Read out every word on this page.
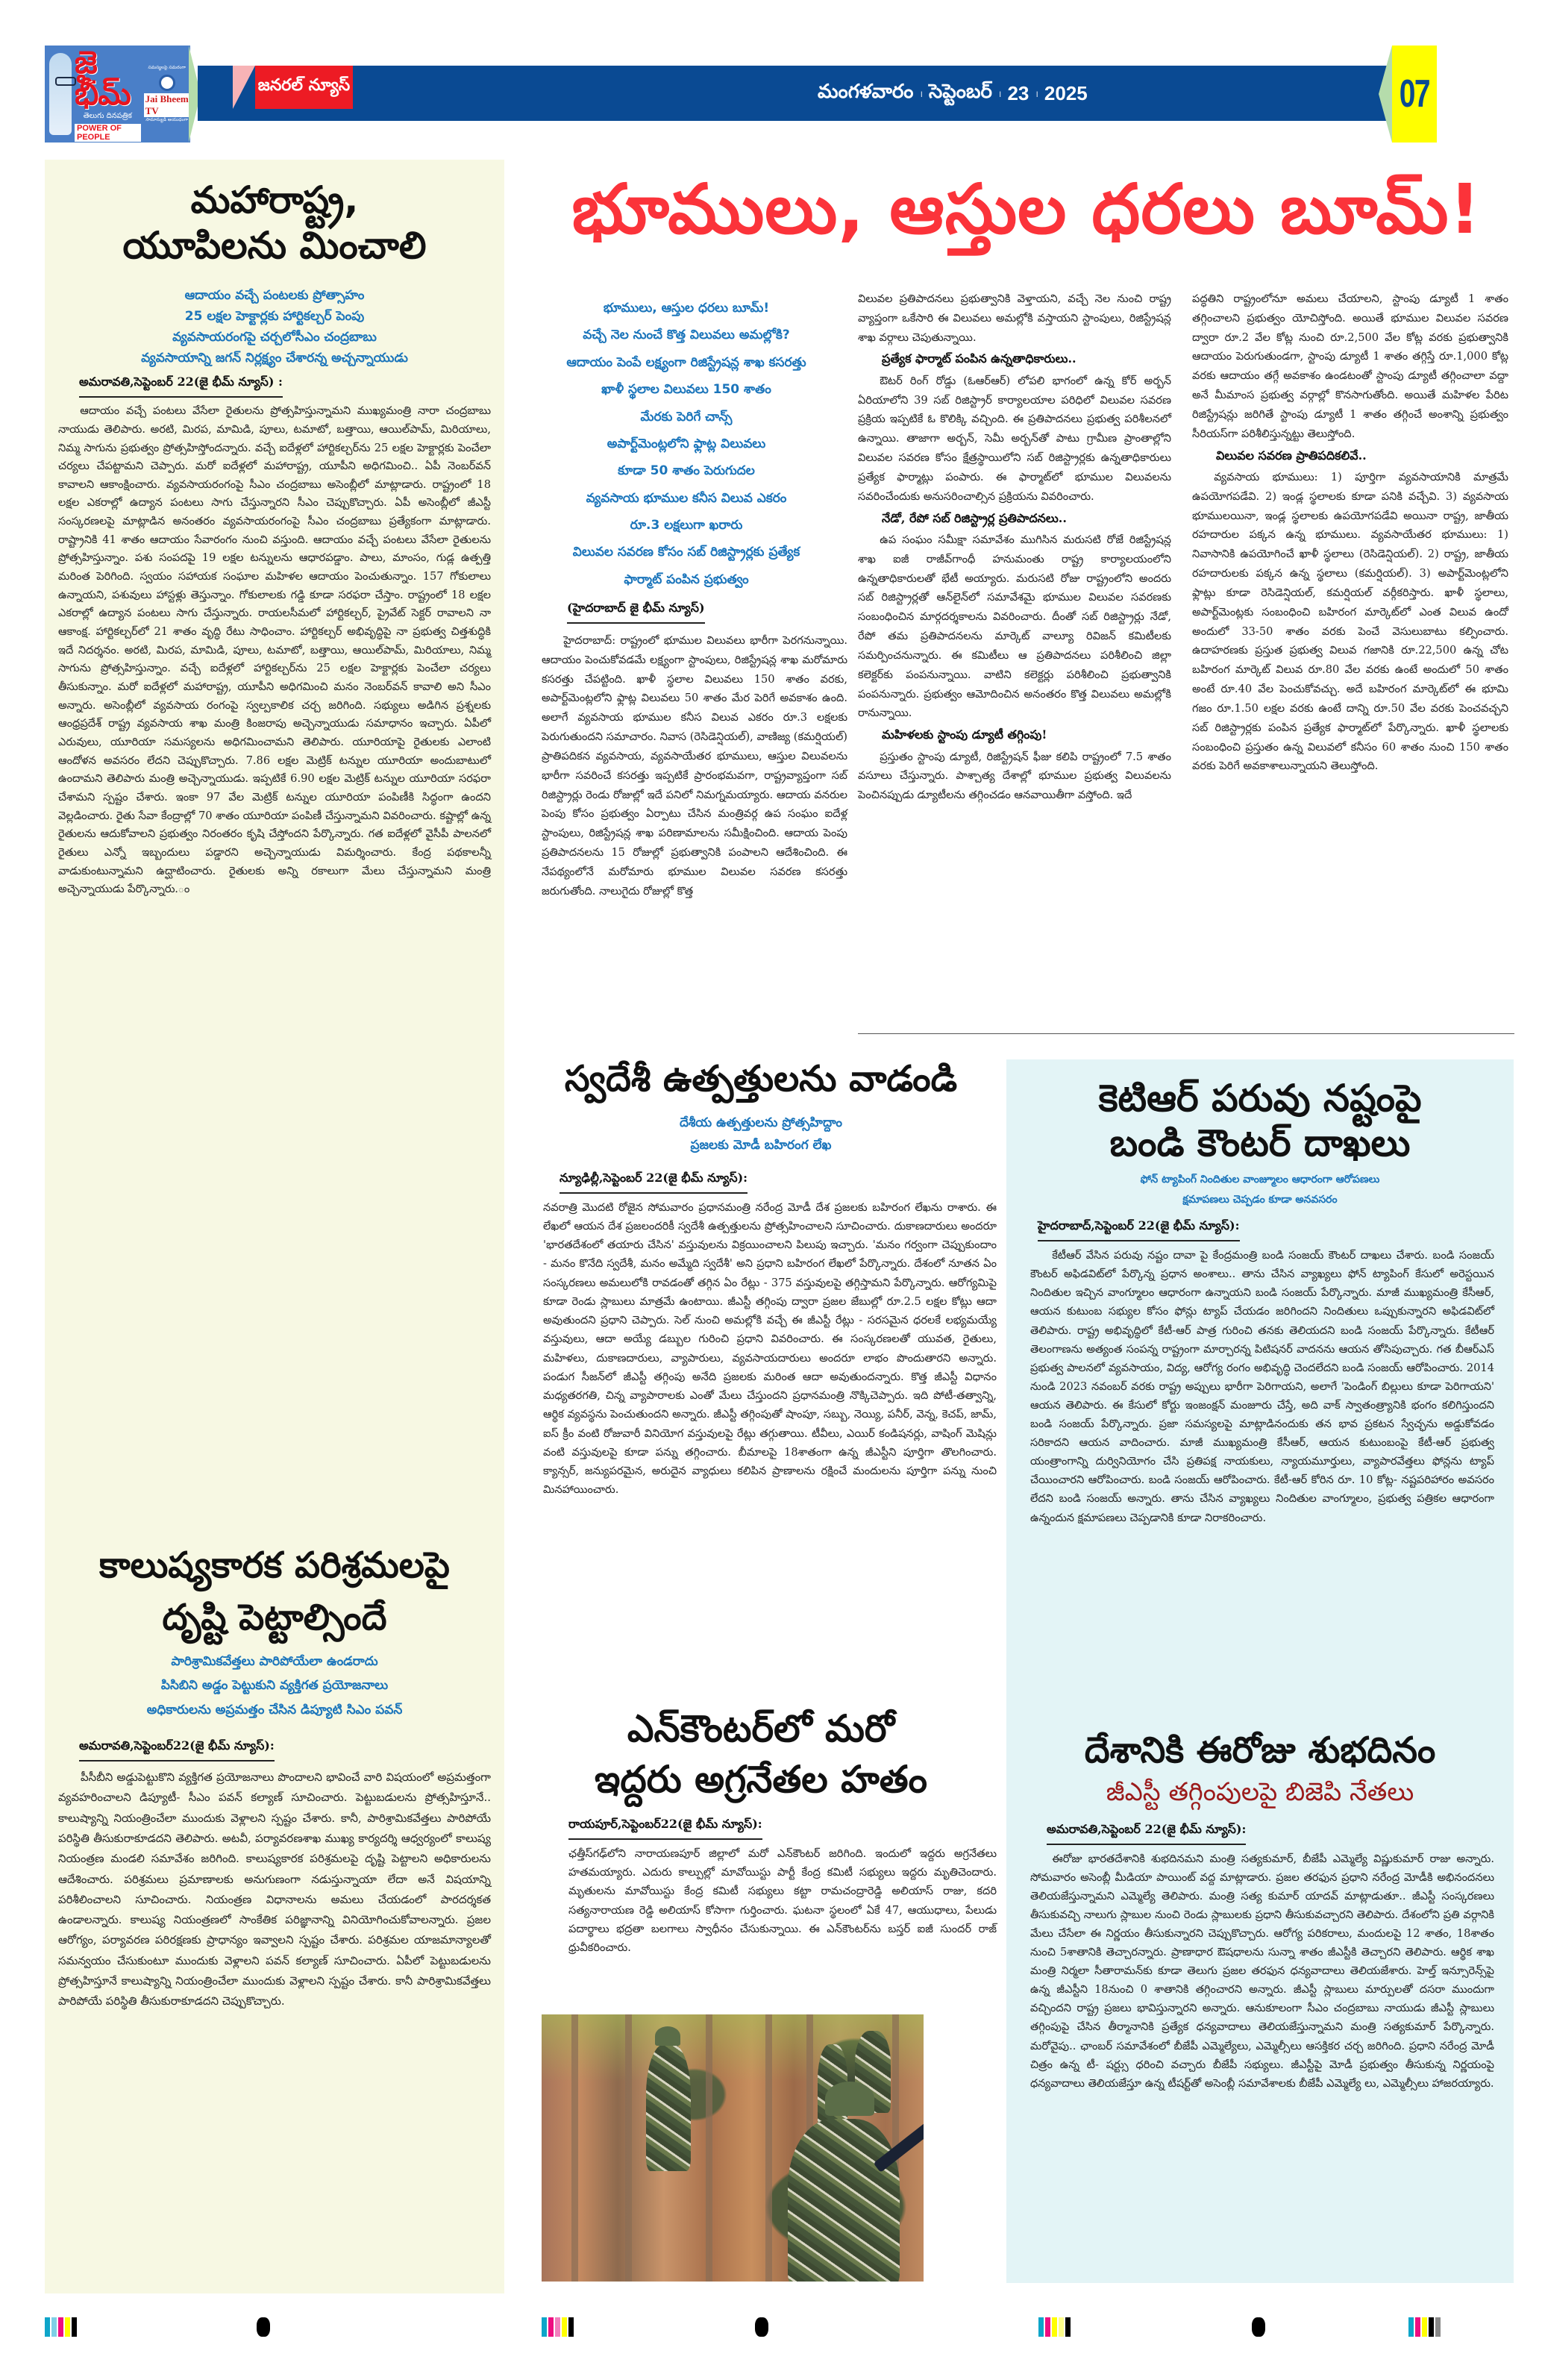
జై భీమ్
తెలుగు దినపత్రిక
POWER OF PEOPLE
సమస్యలపై సమరంగా
Jai Bheem TV
సామాన్యుడి ఆయుధంగా
జనరల్ న్యూస్	మంగళవారం । సెప్టెంబర్ । 23 । 2025	07
మహారాష్ట్ర,
యూపిలను మించాలి
ఆదాయం వచ్చే పంటలకు ప్రోత్సాహం
25 లక్షల హెక్టార్లకు హార్టికల్చర్ పెంపు
వ్యవసాయరంగపై చర్చలోసీఎం చంద్రబాబు
వ్యవసాయాన్ని జగన్ నిర్లక్ష్యం చేశారన్న అచ్చన్నాయుడు
అమరావతి,సెప్టెంబర్ 22(జై భీమ్ న్యూస్) :

ఆదాయం వచ్చే పంటలు వేసేలా రైతులను ప్రోత్సహిస్తున్నామని ముఖ్యమంత్రి నారా చంద్రబాబు నాయుడు తెలిపారు. అరటి, మిరప, మామిడి, పూలు, టమాటో, బత్తాయి, ఆయిల్‌పామ్, మిరియాలు, నిమ్మ సాగును ప్రభుత్వం ప్రోత్సహిస్తోందన్నారు. వచ్చే ఐదేళ్లలో హార్టికల్చర్‌ను 25 లక్షల హెక్టార్లకు పెంచేలా చర్యలు చేపట్టామని చెప్పారు. మరో ఐదేళ్లలో మహారాష్ట్ర, యూపీని అధిగమించి.. ఏపీ నెంబర్‌వన్ కావాలని ఆకాంక్షించారు. వ్యవసాయరంగంపై సీఎం చంద్రబాబు అసెంబ్లీలో మాట్లాడారు. రాష్ట్రంలో 18 లక్షల ఎకరాల్లో ఉద్యాన పంటలు సాగు చేస్తున్నారని సీఎం చెప్పుకొచ్చారు. ఏపీ అసెంబ్లీలో జీఎస్టీ సంస్కరణలపై మాట్లాడిన అనంతరం వ్యవసాయరంగంపై సీఎం చంద్రబాబు ప్రత్యేకంగా మాట్లాడారు. రాష్ట్రానికి 41 శాతం ఆదాయం సేవారంగం నుంచి వస్తుంది. ఆదాయం వచ్చే పంటలు వేసేలా రైతులను ప్రోత్సహిస్తున్నాం. పశు సంపదపై 19 లక్షల టన్నులను ఆధారపడ్డాం. పాలు, మాంసం, గుడ్ల ఉత్పత్తి మరింత పెరిగింది. స్వయం సహాయక సంఘాల మహిళల ఆదాయం పెంచుతున్నాం. 157 గోకులాలు ఉన్నాయని, పశువులు హాస్టళ్లు తెస్తున్నాం. గోకులాలకు గడ్డి కూడా సరఫరా చేస్తాం. రాష్ట్రంలో 18 లక్షల ఎకరాల్లో ఉద్యాన పంటలు సాగు చేస్తున్నారు. రాయలసీమలో హార్టికల్చర్, ప్రైవేట్ సెక్టర్ రావాలని నా ఆకాంక్ష. హార్టికల్చర్‌లో 21 శాతం వృద్ధి రేటు సాధించాం. హార్టికల్చర్ అభివృద్ధిపై నా ప్రభుత్వ చిత్తశుద్ధికి ఇదే నిదర్శనం. అరటి, మిరప, మామిడి, పూలు, టమాటో, బత్తాయి, ఆయిల్‌పామ్, మిరియాలు, నిమ్మ సాగును ప్రోత్సహిస్తున్నాం. వచ్చే ఐదేళ్లలో హార్టికల్చర్‌ను 25 లక్షల హెక్టార్లకు పెంచేలా చర్యలు తీసుకున్నాం. మరో ఐదేళ్లలో మహారాష్ట్ర, యూపీని అధిగమించి మనం నెంబర్‌వన్ కావాలి అని సీఎం అన్నారు. అసెంబ్లీలో వ్యవసాయ రంగంపై స్వల్పకాలిక చర్చ జరిగింది. సభ్యులు అడిగిన ప్రశ్నలకు ఆంధ్రప్రదేశ్ రాష్ట్ర వ్యవసాయ శాఖ మంత్రి కింజరాపు అచ్చెన్నాయుడు సమాధానం ఇచ్చారు. ఏపీలో ఎరువులు, యూరియా సమస్యలను అధిగమించామని తెలిపారు. యూరియాపై రైతులకు ఎలాంటి ఆందోళన అవసరం లేదని చెప్పుకొచ్చారు. 7.86 లక్షల మెట్రిక్ టన్నుల యూరియా అందుబాటులో ఉందామని తెలిపారు మంత్రి అచ్చెన్నాయుడు. ఇప్పటికే 6.90 లక్షల మెట్రిక్ టన్నుల యూరియా సరఫరా చేశామని స్పష్టం చేశారు. ఇంకా 97 వేల మెట్రిక్ టన్నుల యూరియా పంపిణీకి సిద్ధంగా ఉందని వెల్లడించారు. రైతు సేవా కేంద్రాల్లో 70 శాతం యూరియా పంపిణీ చేస్తున్నామని వివరించారు. కష్టాల్లో ఉన్న రైతులను ఆదుకోవాలని ప్రభుత్వం నిరంతరం కృషి చేస్తోందని పేర్కొన్నారు. గత ఐదేళ్లలో వైసీపీ పాలనలో రైతులు ఎన్నో ఇబ్బందులు పడ్డారని అచ్చెన్నాయుడు విమర్శించారు. కేంద్ర పథకాలన్నీ వాడుకుంటున్నామని ఉద్ఘాటించారు. రైతులకు అన్ని రకాలుగా మేలు చేస్తున్నామని మంత్రి అచ్చెన్నాయుడు పేర్కొన్నారు.ం

కాలుష్యకారక పరిశ్రమలపై
దృష్టి పెట్టాల్సిందే
పారిశ్రామికవేత్తలు పారిపోయేలా ఉండరాదు
పిసిబిని అడ్డం పెట్టుకుని వ్యక్తిగత ప్రయోజనాలు
అధికారులను అప్రమత్తం చేసిన డిప్యూటి సిఎం పవన్
అమరావతి,సెప్టెంబర్22(జై భీమ్ న్యూస్):

పీసీబీని అడ్డుపెట్టుకొని వ్యక్తిగత ప్రయోజనాలు పొందాలని భావించే వారి విషయంలో అప్రమత్తంగా వ్యవహరించాలని డిప్యూటీ- సీఎం పవన్ కల్యాణ్ సూచించారు. పెట్టుబడులను ప్రోత్సహిస్తూనే.. కాలుష్యాన్ని నియంత్రించేలా ముందుకు వెళ్లాలని స్పష్టం చేశారు. కానీ, పారిశ్రామికవేత్తలు పారిపోయే పరిస్థితి తీసుకురాకూడదని తెలిపారు. అటవీ, పర్యావరణశాఖ ముఖ్య కార్యదర్శి ఆధ్వర్యంలో కాలుష్య నియంత్రణ మండలి సమావేశం జరిగింది. కాలుష్యకారక పరిశ్రమలపై దృష్టి పెట్టాలని అధికారులను ఆదేశించారు. పరిశ్రమలు ప్రమాణాలకు అనుగుణంగా నడుస్తున్నాయా లేదా అనే విషయాన్ని పరిశీలించాలని సూచించారు. నియంత్రణ విధానాలను అమలు చేయడంలో పారదర్శకత ఉండాలన్నారు. కాలుష్య నియంత్రణలో సాంకేతిక పరిజ్ఞానాన్ని వినియోగించుకోవాలన్నారు. ప్రజల ఆరోగ్యం, పర్యావరణ పరిరక్షణకు ప్రాధాన్యం ఇవ్వాలని స్పష్టం చేశారు. పరిశ్రమల యాజమాన్యాలతో సమన్వయం చేసుకుంటూ ముందుకు వెళ్లాలని పవన్ కల్యాణ్ సూచించారు. ఏపీలో పెట్టుబడులను ప్రోత్సహిస్తూనే కాలుష్యాన్ని నియంత్రించేలా ముందుకు వెళ్లాలని స్పష్టం చేశారు. కానీ పారిశ్రామికవేత్తలు పారిపోయే పరిస్థితి తీసుకురాకూడదని చెప్పుకొచ్చారు.

భూములు, ఆస్తుల ధరలు బూమ్!
భూములు, ఆస్తుల ధరలు బూమ్!
వచ్చే నెల నుంచే కొత్త విలువలు అమల్లోకి?
ఆదాయం పెంపే లక్ష్యంగా రిజిస్ట్రేషన్ల శాఖ కసరత్తు
ఖాళీ స్థలాల విలువలు 150 శాతం
మేరకు పెరిగే చాన్స్
అపార్ట్‌మెంట్లలోని ఫ్లాట్ల విలువలు
కూడా 50 శాతం పెరుగుదల
వ్యవసాయ భూముల కనీస విలువ ఎకరం
రూ.3 లక్షలుగా ఖరారు
విలువల సవరణ కోసం సబ్ రిజిస్ట్రార్లకు ప్రత్యేక
ఫార్మాట్ పంపిన ప్రభుత్వం
(హైదరాబాద్ జై భీమ్ న్యూస్)

హైదరాబాద్: రాష్ట్రంలో భూముల విలువలు భారీగా పెరగనున్నాయి. ఆదాయం పెంచుకోవడమే లక్ష్యంగా స్టాంపులు, రిజిస్ట్రేషన్ల శాఖ మరోమారు కసరత్తు చేపట్టింది. ఖాళీ స్థలాల విలువలు 150 శాతం వరకు, అపార్ట్‌మెంట్లలోని ఫ్లాట్ల విలువలు 50 శాతం మేర పెరిగే అవకాశం ఉంది. అలాగే వ్యవసాయ భూముల కనీస విలువ ఎకరం రూ.3 లక్షలకు పెరుగుతుందని సమాచారం. నివాస (రెసిడెన్షియల్), వాణిజ్య (కమర్షియల్) ప్రాతిపదికన వ్యవసాయ, వ్యవసాయేతర భూములు, ఆస్తుల విలువలను భారీగా సవరించే కసరత్తు ఇప్పటికే ప్రారంభమవగా, రాష్ట్రవ్యాప్తంగా సబ్ రిజిస్ట్రార్లు రెండు రోజుల్లో ఇదే పనిలో నిమగ్నమయ్యారు. ఆదాయ వనరుల పెంపు కోసం ప్రభుత్వం ఏర్పాటు చేసిన మంత్రివర్గ ఉప సంఘం ఐదేళ్ల స్టాంపులు, రిజిస్ట్రేషన్ల శాఖ పరిణామాలను సమీక్షించింది. ఆదాయ పెంపు ప్రతిపాదనలను 15 రోజుల్లో ప్రభుత్వానికి పంపాలని ఆదేశించింది. ఈ నేపథ్యంలోనే మరోమారు భూముల విలువల సవరణ కసరత్తు జరుగుతోంది. నాలుగైదు రోజుల్లో కొత్త

విలువల ప్రతిపాదనలు ప్రభుత్వానికి వెళ్తాయని, వచ్చే నెల నుంచి రాష్ట్ర వ్యాప్తంగా ఒకేసారి ఈ విలువలు అమల్లోకి వస్తాయని స్టాంపులు, రిజిస్ట్రేషన్ల శాఖ వర్గాలు చెపుతున్నాయి.

ప్రత్యేక ఫార్మాట్ పంపిన ఉన్నతాధికారులు..

ఔటర్ రింగ్ రోడ్డు (ఓఆర్ఆర్) లోపలి భాగంలో ఉన్న కోర్ అర్బన్ ఏరియాలోని 39 సబ్ రిజిస్ట్రార్ కార్యాలయాల పరిధిలో విలువల సవరణ ప్రక్రియ ఇప్పటికే ఓ కొలిక్కి వచ్చింది. ఈ ప్రతిపాదనలు ప్రభుత్వ పరిశీలనలో ఉన్నాయి. తాజాగా అర్బన్, సెమీ అర్బన్‌తో పాటు గ్రామీణ ప్రాంతాల్లోని విలువల సవరణ కోసం క్షేత్రస్థాయిలోని సబ్ రిజిస్ట్రార్లకు ఉన్నతాధికారులు ప్రత్యేక ఫార్మాట్లు పంపారు. ఈ ఫార్మాట్‌లో భూముల విలువలను సవరించేందుకు అనుసరించాల్సిన ప్రక్రియను వివరించారు.

నేడో, రేపో సబ్ రిజిస్ట్రార్ల ప్రతిపాదనలు..

ఉప సంఘం సమీక్షా సమావేశం ముగిసిన మరుసటి రోజే రిజిస్ట్రేషన్ల శాఖ ఐజీ రాజీవ్‌గాంధీ హనుమంతు రాష్ట్ర కార్యాలయంలోని ఉన్నతాధికారులతో భేటీ అయ్యారు. మరుసటి రోజు రాష్ట్రంలోని అందరు సబ్ రిజిస్ట్రార్లతో ఆన్‌లైన్‌లో సమావేశమై భూముల విలువల సవరణకు సంబంధించిన మార్గదర్శకాలను వివరించారు. దీంతో సబ్ రిజిస్ట్రార్లు నేడో, రేపో తమ ప్రతిపాదనలను మార్కెట్ వాల్యూ రివిజన్ కమిటీలకు సమర్పించనున్నారు. ఈ కమిటీలు ఆ ప్రతిపాదనలు పరిశీలించి జిల్లా కలెక్టర్‌కు పంపనున్నాయి. వాటిని కలెక్టర్లు పరిశీలించి ప్రభుత్వానికి పంపనున్నారు. ప్రభుత్వం ఆమోదించిన అనంతరం కొత్త విలువలు అమల్లోకి రానున్నాయి.

మహిళలకు స్టాంపు డ్యూటీ తగ్గింపు!

ప్రస్తుతం స్టాంపు డ్యూటీ, రిజిస్ట్రేషన్ ఫీజు కలిపి రాష్ట్రంలో 7.5 శాతం వసూలు చేస్తున్నారు. పాశ్చాత్య దేశాల్లో భూముల ప్రభుత్వ విలువలను పెంచినప్పుడు డ్యూటీలను తగ్గించడం ఆనవాయితీగా వస్తోంది. ఇదే

పద్ధతిని రాష్ట్రంలోనూ అమలు చేయాలని, స్టాంపు డ్యూటీ 1 శాతం తగ్గించాలని ప్రభుత్వం యోచిస్తోంది. అయితే భూముల విలువల సవరణ ద్వారా రూ.2 వేల కోట్ల నుంచి రూ.2,500 వేల కోట్ల వరకు ప్రభుత్వానికి ఆదాయం పెరుగుతుండగా, స్టాంపు డ్యూటీ 1 శాతం తగ్గిస్తే రూ.1,000 కోట్ల వరకు ఆదాయం తగ్గే అవకాశం ఉండటంతో స్టాంపు డ్యూటీ తగ్గించాలా వద్దా అనే మీమాంస ప్రభుత్వ వర్గాల్లో కొనసాగుతోంది. అయితే మహిళల పేరిట రిజిస్ట్రేషన్లు జరిగితే స్టాంపు డ్యూటీ 1 శాతం తగ్గించే అంశాన్ని ప్రభుత్వం సీరియస్‌గా పరిశీలిస్తున్నట్టు తెలుస్తోంది.

విలువల సవరణ ప్రాతిపదికలివే..

వ్యవసాయ భూములు: 1) పూర్తిగా వ్యవసాయానికి మాత్రమే ఉపయోగపడేవి. 2) ఇండ్ల స్థలాలకు కూడా పనికి వచ్చేవి. 3) వ్యవసాయ భూములయినా, ఇండ్ల స్థలాలకు ఉపయోగపడేవి అయినా రాష్ట్ర, జాతీయ రహదారుల పక్కన ఉన్న భూములు. వ్యవసాయేతర భూములు: 1) నివాసానికి ఉపయోగించే ఖాళీ స్థలాలు (రెసిడెన్షియల్). 2) రాష్ట్ర, జాతీయ రహదారులకు పక్కన ఉన్న స్థలాలు (కమర్షియల్). 3) అపార్ట్‌మెంట్లలోని ఫ్లాట్లు కూడా రెసిడెన్షియల్, కమర్షియల్ వర్గీకరిస్తారు. ఖాళీ స్థలాలు, అపార్ట్‌మెంట్లకు సంబంధించి బహిరంగ మార్కెట్‌లో ఎంత విలువ ఉందో అందులో 33-50 శాతం వరకు పెంచే వెసులుబాటు కల్పించారు. ఉదాహరణకు ప్రస్తుత ప్రభుత్వ విలువ గజానికి రూ.22,500 ఉన్న చోట బహిరంగ మార్కెట్ విలువ రూ.80 వేల వరకు ఉంటే అందులో 50 శాతం అంటే రూ.40 వేల పెంచుకోవచ్చు. అదే బహిరంగ మార్కెట్‌లో ఈ భూమి గజం రూ.1.50 లక్షల వరకు ఉంటే దాన్ని రూ.50 వేల వరకు పెంచవచ్చని సబ్ రిజిస్ట్రార్లకు పంపిన ప్రత్యేక ఫార్మాట్‌లో పేర్కొన్నారు. ఖాళీ స్థలాలకు సంబంధించి ప్రస్తుతం ఉన్న విలువలో కనీసం 60 శాతం నుంచి 150 శాతం వరకు పెరిగే అవకాశాలున్నాయని తెలుస్తోంది.

స్వదేశీ ఉత్పత్తులను వాడండి
దేశీయ ఉత్పత్తులను ప్రోత్సహిద్దాం
ప్రజలకు మోడీ బహిరంగ లేఖ
న్యూఢిల్లీ,సెప్టెంబర్ 22(జై భీమ్ న్యూస్):

నవరాత్రి మొదటి రోజైన సోమవారం ప్రధానమంత్రి నరేంద్ర మోడీ దేశ ప్రజలకు బహిరంగ లేఖను రాశారు. ఈ లేఖలో ఆయన దేశ ప్రజలందరికీ స్వదేశీ ఉత్పత్తులను ప్రోత్సహించాలని సూచించారు. దుకాణదారులు అందరూ 'భారతదేశంలో తయారు చేసిన' వస్తువులను విక్రయించాలని పిలుపు ఇచ్చారు. 'మనం గర్వంగా చెప్పుకుందాం - మనం కొనేది స్వదేశీ, మనం అమ్మేది స్వదేశీ' అని ప్రధాని బహిరంగ లేఖలో పేర్కొన్నారు. దేశంలో నూతన ఏం సంస్కరణలు అమలులోకి రావడంతో తగ్గిన ఏం రేట్లు - 375 వస్తువులపై తగ్గిస్తామని పేర్కొన్నారు. ఆరోగ్యమిపై కూడా రెండు స్లాబులు మాత్రమే ఉంటాయి. జీఎస్టీ తగ్గింపు ద్వారా ప్రజల జేబుల్లో రూ.2.5 లక్షల కోట్లు ఆదా అవుతుందని ప్రధాని చెప్పారు. సెల్ నుంచి అమల్లోకి వచ్చే ఈ జీఎస్టీ రేట్లు - సరసమైన ధరలకే లభ్యమయ్యే వస్తువులు, ఆదా అయ్యే డబ్బుల గురించి ప్రధాని వివరించారు. ఈ సంస్కరణలతో యువత, రైతులు, మహిళలు, దుకాణదారులు, వ్యాపారులు, వ్యవసాయదారులు అందరూ లాభం పొందుతారని అన్నారు. పండుగ సీజన్‌లో జీఎస్టీ తగ్గింపు అనేది ప్రజలకు మరింత ఆదా అవుతుందన్నారు. కొత్త జీఎస్టీ విధానం మధ్యతరగతి, చిన్న వ్యాపారాలకు ఎంతో మేలు చేస్తుందని ప్రధానమంత్రి నొక్కిచెప్పారు. ఇది పోటీ-తత్వాన్ని, ఆర్థిక వ్యవస్థను పెంచుతుందని అన్నారు. జీఎస్టీ తగ్గింపుతో షాంపూ, సబ్బు, నెయ్యి, పనీర్, వెన్న, కెచప్, జామ్, ఐస్ క్రీం వంటి రోజువారీ వినియోగ వస్తువులపై రేట్లు తగ్గుతాయి. టీవీలు, ఎయిర్ కండిషనర్లు, వాషింగ్ మెషిన్లు వంటి వస్తువులపై కూడా పన్ను తగ్గించారు. బీమాలపై 18శాతంగా ఉన్న జీఎస్టీని పూర్తిగా తొలగించారు. క్యాన్సర్, జన్యుపరమైన, అరుదైన వ్యాధులు కలిపిన ప్రాణాలను రక్షించే మందులను పూర్తిగా పన్ను నుంచి మినహాయించారు.

ఎన్‌కౌంటర్‌లో మరో
ఇద్దరు అగ్రనేతల హతం
రాయపూర్,సెప్టెంబర్22(జై భీమ్ న్యూస్):

ఛత్తీస్‌గఢ్‌లోని నారాయణపూర్ జిల్లాలో మరో ఎన్‌కౌంటర్ జరిగింది. ఇందులో ఇద్దరు అగ్రనేతలు హతమయ్యారు. ఎదురు కాల్పుల్లో మావోయిస్టు పార్టీ కేంద్ర కమిటీ సభ్యులు ఇద్దరు మృతిచెందారు. మృతులను మావోయిస్టు కేంద్ర కమిటీ సభ్యులు కట్టా రామచంద్రారెడ్డి అలియాస్ రాజు, కదరి సత్యనారాయణ రెడ్డి అలియాస్ కోసాగా గుర్తించారు. ఘటనా స్థలంలో ఏకే 47, ఆయుధాలు, పేలుడు పదార్థాలు భద్రతా బలగాలు స్వాధీనం చేసుకున్నాయి. ఈ ఎన్‌కౌంటర్‌ను బస్తర్ ఐజీ సుందర్ రాజ్ ధ్రువీకరించారు.

కెటిఆర్ పరువు నష్టంపై
బండి కౌంటర్ దాఖలు
ఫోన్ ట్యాపింగ్ నిందితుల వాంజ్మూలం ఆధారంగా ఆరోపణలు
క్షమాపణలు చెప్పడం కూడా అనవసరం
హైదరాబాద్,సెప్టెంబర్ 22(జై భీమ్ న్యూస్):

కేటీఆర్ వేసిన పరువు నష్టం దావా పై కేంద్రమంత్రి బండి సంజయ్ కౌంటర్ దాఖలు చేశారు. బండి సంజయ్ కౌంటర్ అఫిడవిట్‌లో పేర్కొన్న ప్రధాన అంశాలు.. తాను చేసిన వ్యాఖ్యలు ఫోన్ ట్యాపింగ్ కేసులో అరెస్టయిన నిందితుల ఇచ్చిన వాంగ్మూలం ఆధారంగా ఉన్నాయని బండి సంజయ్ పేర్కొన్నారు. మాజీ ముఖ్యమంత్రి కేసీఆర్, ఆయన కుటుంబ సభ్యుల కోసం ఫోన్లు ట్యాప్ చేయడం జరిగిందని నిందితులు ఒప్పుకున్నారని అఫిడవిట్‌లో తెలిపారు. రాష్ట్ర అభివృద్ధిలో కేటీ-ఆర్ పాత్ర గురించి తనకు తెలియదని బండి సంజయ్ పేర్కొన్నారు. కేటీఆర్ తెలంగాణను అత్యంత సంపన్న రాష్ట్రంగా మార్చారన్న పిటిషనర్ వాదనను ఆయన తోసిపుచ్చారు. గత బీఆర్ఎస్ ప్రభుత్వ పాలనలో వ్యవసాయం, విద్య, ఆరోగ్య రంగం అభివృద్ధి చెందలేదని బండి సంజయ్ ఆరోపించారు. 2014 నుండి 2023 నవంబర్ వరకు రాష్ట్ర అప్పులు భారీగా పెరిగాయని, అలాగే 'పెండింగ్ బిల్లులు కూడా పెరిగాయని' ఆయన తెలిపారు. ఈ కేసులో కోర్టు ఇంజంక్షన్ మంజూరు చేస్తే, అది వాక్ స్వాతంత్ర్యానికి భంగం కలిగిస్తుందని బండి సంజయ్ పేర్కొన్నారు. ప్రజా సమస్యలపై మాట్లాడినందుకు తన భావ ప్రకటన స్వేచ్ఛను అడ్డుకోవడం సరికాదని ఆయన వాదించారు. మాజీ ముఖ్యమంత్రి కేసీఆర్, ఆయన కుటుంబంపై కేటీ-ఆర్ ప్రభుత్వ యంత్రాంగాన్ని దుర్వినియోగం చేసి ప్రతిపక్ష నాయకులు, న్యాయమూర్తులు, వ్యాపారవేత్తలు ఫోన్లను ట్యాప్ చేయించారని ఆరోపించారు. బండి సంజయ్ ఆరోపించారు. కేటీ-ఆర్ కోరిన రూ. 10 కోట్ల- నష్టపరిహారం అవసరం లేదని బండి సంజయ్ అన్నారు. తాను చేసిన వ్యాఖ్యలు నిందితుల వాంగ్మూలం, ప్రభుత్వ పత్రికల ఆధారంగా ఉన్నందున క్షమాపణలు చెప్పడానికి కూడా నిరాకరించారు.

దేశానికి ఈరోజు శుభదినం
జీఎస్టీ తగ్గింపులపై బిజెపి నేతలు
అమరావతి,సెప్టెంబర్ 22(జై భీమ్ న్యూస్):

ఈరోజు భారతదేశానికి శుభదినమని మంత్రి సత్యకుమార్, బీజేపీ ఎమ్మెల్యే విష్ణుకుమార్ రాజు అన్నారు. సోమవారం అసెంబ్లీ మీడియా పాయింట్ వద్ద మాట్లాడారు. ప్రజల తరఫున ప్రధాని నరేంద్ర మోడీకి అభినందనలు తెలియజేస్తున్నామని ఎమ్మెల్యే తెలిపారు. మంత్రి సత్య కుమార్ యాదవ్ మాట్లాడుతూ.. జీఎస్టీ సంస్కరణలు తీసుకువచ్చి నాలుగు స్లాబుల నుంచి రెండు స్లాబులకు ప్రధాని తీసుకువచ్చారని తెలిపారు. దేశంలోని ప్రతి వర్గానికి మేలు చేసేలా ఈ నిర్ణయం తీసుకున్నారని చెప్పుకొచ్చారు. ఆరోగ్య పరికరాలు, మందులపై 12 శాతం, 18శాతం నుంచి 5శాతానికి తెచ్చారన్నారు. ప్రాణాధార ఔషధాలను సున్నా శాతం జీఎస్టీకి తెచ్చారని తెలిపారు. ఆర్థిక శాఖ మంత్రి నిర్మలా సీతారామన్‌కు కూడా తెలుగు ప్రజల తరఫున ధన్యవాదాలు తెలియజేశారు. హెల్త్ ఇన్సూరెన్స్‌పై ఉన్న జీఎస్టీని 18నుంచి 0 శాతానికి తగ్గించారని అన్నారు. జీఎస్టీ స్లాబులు మార్పులతో దసరా ముందుగా వచ్చిందని రాష్ట్ర ప్రజలు భావిస్తున్నారని అన్నారు. ఆనుకూలంగా సీఎం చంద్రబాబు నాయుడు జీఎస్టీ స్లాబులు తగ్గింపుపై చేసిన తీర్మానానికి ప్రత్యేక ధన్యవాదాలు తెలియజేస్తున్నామని మంత్రి సత్యకుమార్ పేర్కొన్నారు. మరోవైపు.. ఛాంబర్ సమావేశంలో బీజేపీ ఎమ్మెల్యేలు, ఎమ్మెల్సీలు ఆసక్తికర చర్చ జరిగింది. ప్రధాని నరేంద్ర మోడీ చిత్రం ఉన్న టీ- షర్ట్సు ధరించి వచ్చారు బీజేపీ సభ్యులు. జీఎస్టీపై మోడీ ప్రభుత్వం తీసుకున్న నిర్ణయంపై ధన్యవాదాలు తెలియజేస్తూ ఉన్న టీషర్ట్‌తో అసెంబ్లీ సమావేశాలకు బీజేపీ ఎమ్మెల్యే లు, ఎమ్మెల్సీలు హాజరయ్యారు.
